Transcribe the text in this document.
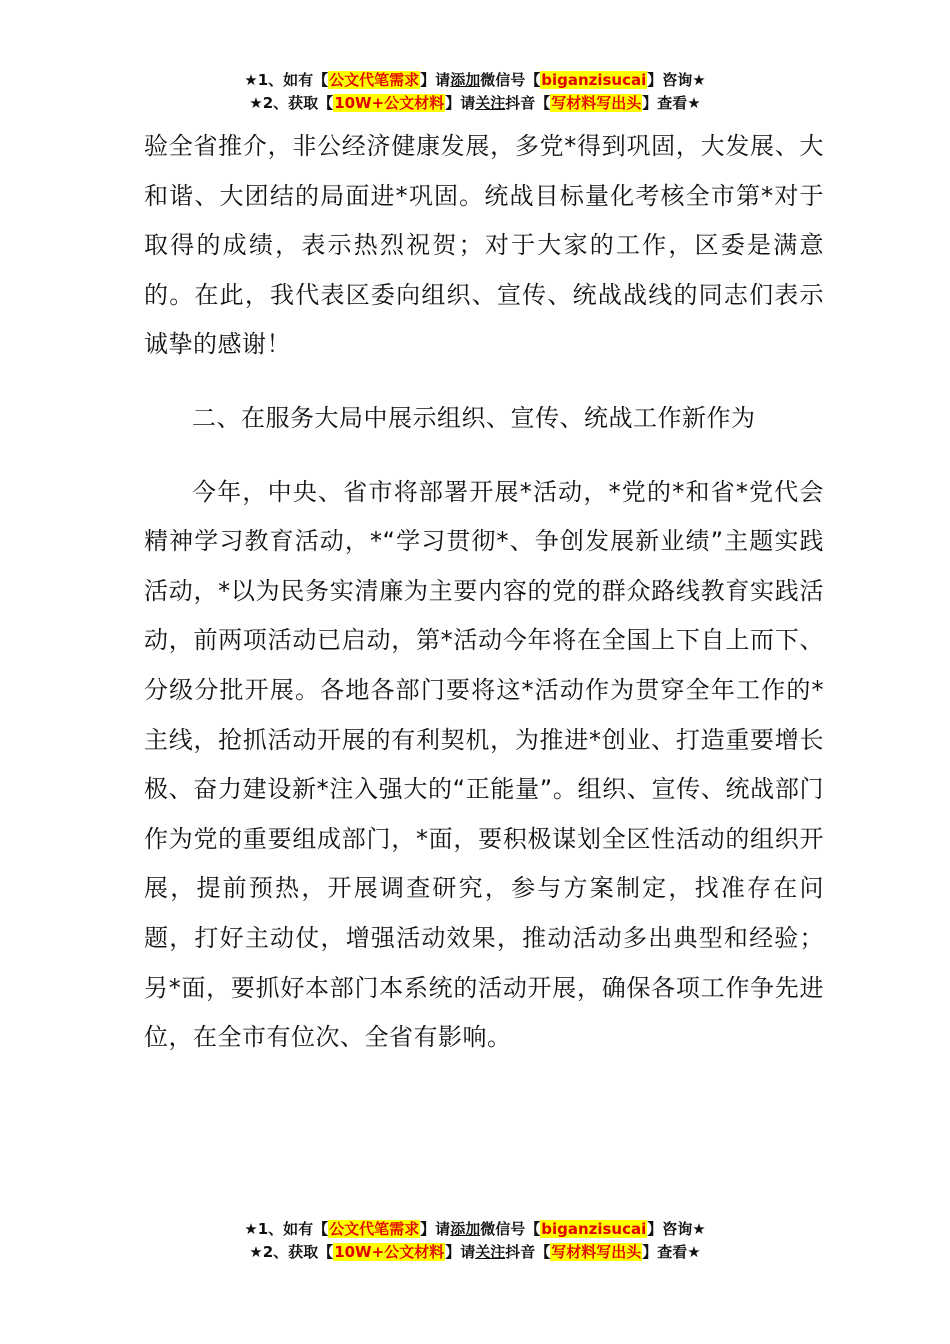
★1、如有【公文代笔需求】请添加微信号【biganzisucai】咨询★
★2、获取【10W+公文材料】请关注抖音【写材料写出头】查看★

验全省推介，非公经济健康发展，多党*得到巩固，大发展、大和谐、大团结的局面进*巩固。统战目标量化考核全市第*对于取得的成绩，表示热烈祝贺；对于大家的工作，区委是满意的。在此，我代表区委向组织、宣传、统战战线的同志们表示诚挚的感谢！

二、在服务大局中展示组织、宣传、统战工作新作为

今年，中央、省市将部署开展*活动，*党的*和省*党代会精神学习教育活动，*“学习贯彻*、争创发展新业绩”主题实践活动，*以为民务实清廉为主要内容的党的群众路线教育实践活动，前两项活动已启动，第*活动今年将在全国上下自上而下、分级分批开展。各地各部门要将这*活动作为贯穿全年工作的*主线，抢抓活动开展的有利契机，为推进*创业、打造重要增长极、奋力建设新*注入强大的“正能量”。组织、宣传、统战部门作为党的重要组成部门，*面，要积极谋划全区性活动的组织开展，提前预热，开展调查研究，参与方案制定，找准存在问题，打好主动仗，增强活动效果，推动活动多出典型和经验；另*面，要抓好本部门本系统的活动开展，确保各项工作争先进位，在全市有位次、全省有影响。

★1、如有【公文代笔需求】请添加微信号【biganzisucai】咨询★
★2、获取【10W+公文材料】请关注抖音【写材料写出头】查看★
